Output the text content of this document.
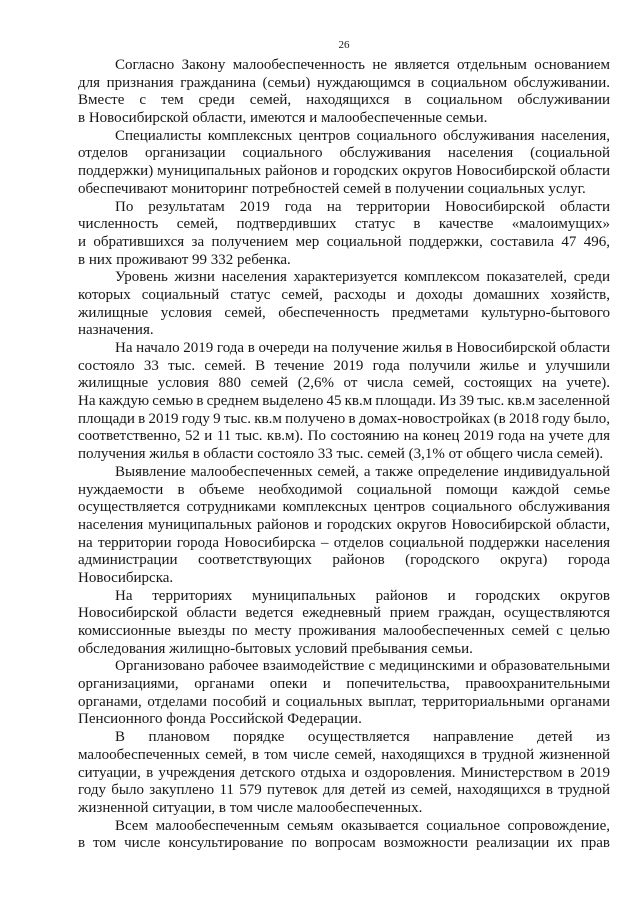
26
Согласно Закону малообеспеченность не является отдельным основанием
для признания гражданина (семьи) нуждающимся в социальном обслуживании.
Вместе с тем среди семей, находящихся в социальном обслуживании
в Новосибирской области, имеются и малообеспеченные семьи.
Специалисты комплексных центров социального обслуживания населения,
отделов организации социального обслуживания населения (социальной
поддержки) муниципальных районов и городских округов Новосибирской области
обеспечивают мониторинг потребностей семей в получении социальных услуг.
По результатам 2019 года на территории Новосибирской области
численность семей, подтвердивших статус в качестве «малоимущих»
и обратившихся за получением мер социальной поддержки, составила 47 496,
в них проживают 99 332 ребенка.
Уровень жизни населения характеризуется комплексом показателей, среди
которых социальный статус семей, расходы и доходы домашних хозяйств,
жилищные условия семей, обеспеченность предметами культурно-бытового
назначения.
На начало 2019 года в очереди на получение жилья в Новосибирской области
состояло 33 тыс. семей. В течение 2019 года получили жилье и улучшили
жилищные условия 880 семей (2,6% от числа семей, состоящих на учете).
На каждую семью в среднем выделено 45 кв.м площади. Из 39 тыс. кв.м заселенной
площади в 2019 году 9 тыс. кв.м получено в домах-новостройках (в 2018 году было,
соответственно, 52 и 11 тыс. кв.м). По состоянию на конец 2019 года на учете для
получения жилья в области состояло 33 тыс. семей (3,1% от общего числа семей).
Выявление малообеспеченных семей, а также определение индивидуальной
нуждаемости в объеме необходимой социальной помощи каждой семье
осуществляется сотрудниками комплексных центров социального обслуживания
населения муниципальных районов и городских округов Новосибирской области,
на территории города Новосибирска – отделов социальной поддержки населения
администрации соответствующих районов (городского округа) города
Новосибирска.
На территориях муниципальных районов и городских округов
Новосибирской области ведется ежедневный прием граждан, осуществляются
комиссионные выезды по месту проживания малообеспеченных семей с целью
обследования жилищно-бытовых условий пребывания семьи.
Организовано рабочее взаимодействие с медицинскими и образовательными
организациями, органами опеки и попечительства, правоохранительными
органами, отделами пособий и социальных выплат, территориальными органами
Пенсионного фонда Российской Федерации.
В плановом порядке осуществляется направление детей из
малообеспеченных семей, в том числе семей, находящихся в трудной жизненной
ситуации, в учреждения детского отдыха и оздоровления. Министерством в 2019
году было закуплено 11 579 путевок для детей из семей, находящихся в трудной
жизненной ситуации, в том числе малообеспеченных.
Всем малообеспеченным семьям оказывается социальное сопровождение,
в том числе консультирование по вопросам возможности реализации их прав
